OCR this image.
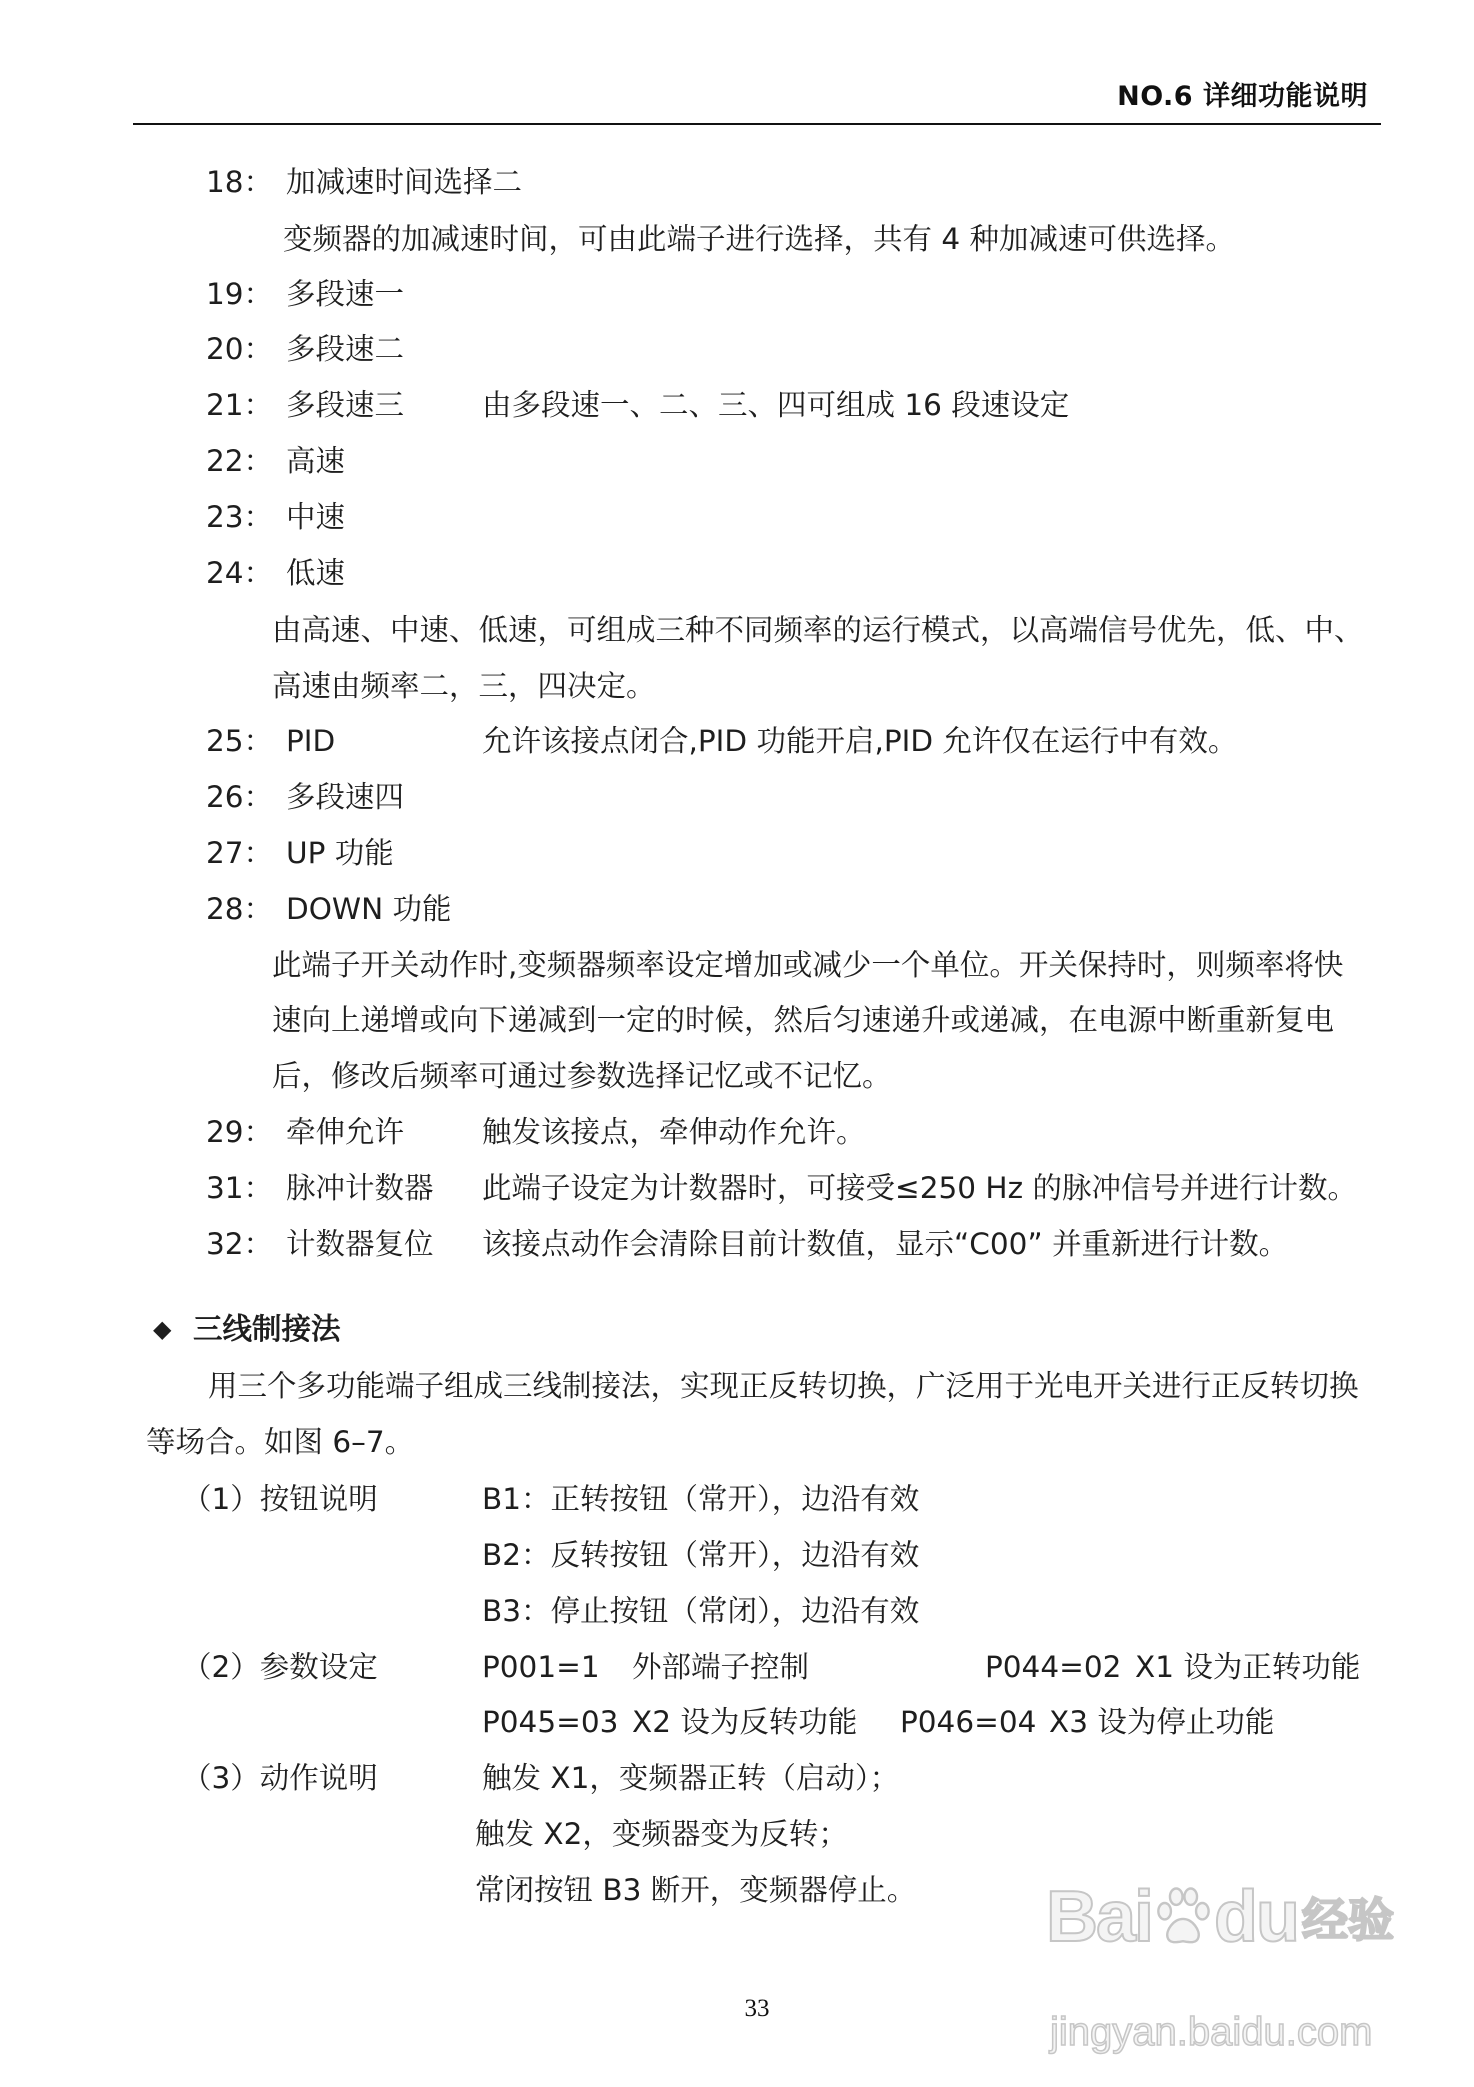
NO.6 详细功能说明
18： 加减速时间选择二
变频器的加减速时间，可由此端子进行选择，共有 4 种加减速可供选择。
19： 多段速一
20： 多段速二
21： 多段速三	由多段速一、二、三、四可组成 16 段速设定
22： 高速
23： 中速
24： 低速
由高速、中速、低速，可组成三种不同频率的运行模式，以高端信号优先，低、中、
高速由频率二，三，四决定。
25： PID	允许该接点闭合,PID 功能开启,PID 允许仅在运行中有效。
26： 多段速四
27： UP 功能
28： DOWN 功能
此端子开关动作时,变频器频率设定增加或减少一个单位。开关保持时，则频率将快
速向上递增或向下递减到一定的时候，然后匀速递升或递减，在电源中断重新复电
后，修改后频率可通过参数选择记忆或不记忆。
29： 牵伸允许	触发该接点，牵伸动作允许。
31： 脉冲计数器 此端子设定为计数器时，可接受≤250 Hz 的脉冲信号并进行计数。
32： 计数器复位 该接点动作会清除目前计数值，显示“C00” 并重新进行计数。
◆ 三线制接法
用三个多功能端子组成三线制接法，实现正反转切换，广泛用于光电开关进行正反转切换
等场合。如图 6–7。
（1）按钮说明	B1：正转按钮（常开），边沿有效
B2：反转按钮（常开），边沿有效
B3：停止按钮（常闭），边沿有效
（2）参数设定	P001=1 外部端子控制	P044=02 X1 设为正转功能
P045=03 X2 设为反转功能 P046=04 X3 设为停止功能
（3）动作说明	触发 X1，变频器正转（启动）；
触发 X2，变频器变为反转；
常闭按钮 B3 断开，变频器停止。 Bai du 经验
jingyan.baidu.com
33
